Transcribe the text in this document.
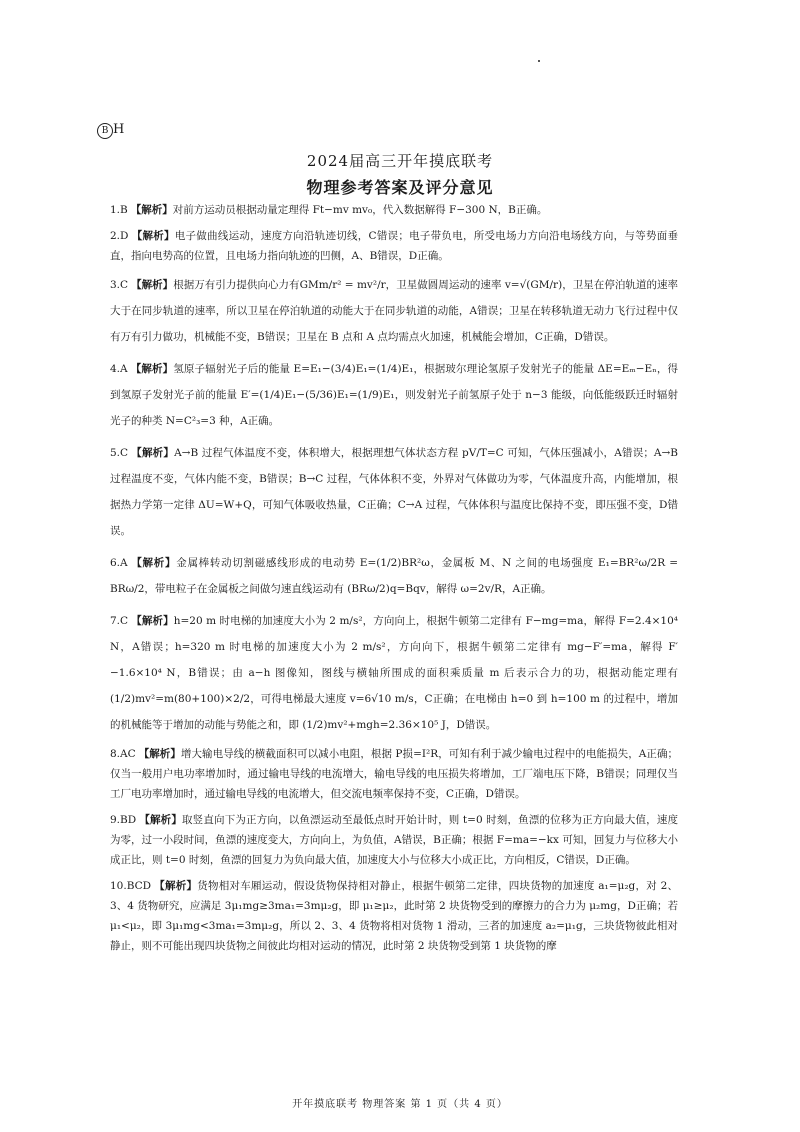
B H
2024届高三开年摸底联考
物理参考答案及评分意见

1.B 【解析】对前方运动员根据动量定理得 Ft−mv mv₀，代入数据解得 F−300 N，B正确。

2.D 【解析】电子做曲线运动，速度方向沿轨迹切线，C错误；电子带负电，所受电场力方向沿电场线方向，与等势面垂直，指向电势高的位置，且电场力指向轨迹的凹侧，A、B错误，D正确。

3.C 【解析】根据万有引力提供向心力有GMm/r² = mv²/r，卫星做圆周运动的速率 v=√(GM/r)，卫星在停泊轨道的速率大于在同步轨道的速率，所以卫星在停泊轨道的动能大于在同步轨道的动能，A错误；卫星在转移轨道无动力飞行过程中仅有万有引力做功，机械能不变，B错误；卫星在 B 点和 A 点均需点火加速，机械能会增加，C正确，D错误。

4.A 【解析】氢原子辐射光子后的能量 E=E₁−(3/4)E₁=(1/4)E₁，根据玻尔理论氢原子发射光子的能量 ΔE=Eₘ−Eₙ，得到氢原子发射光子前的能量 E′=(1/4)E₁−(5/36)E₁=(1/9)E₁，则发射光子前氢原子处于 n−3 能级，向低能级跃迁时辐射光子的种类 N=C²₃=3 种，A正确。

5.C 【解析】A→B 过程气体温度不变，体积增大，根据理想气体状态方程 pV/T=C 可知，气体压强减小，A错误；A→B 过程温度不变，气体内能不变，B错误；B→C 过程，气体体积不变，外界对气体做功为零，气体温度升高，内能增加，根据热力学第一定律 ΔU=W+Q，可知气体吸收热量，C正确；C→A 过程，气体体积与温度比保持不变，即压强不变，D错误。

6.A 【解析】金属棒转动切割磁感线形成的电动势 E=(1/2)BR²ω，金属板 M、N 之间的电场强度 E₁=BR²ω/2R = BRω/2，带电粒子在金属板之间做匀速直线运动有 (BRω/2)q=Bqv，解得 ω=2v/R，A正确。

7.C 【解析】h=20 m 时电梯的加速度大小为 2 m/s²，方向向上，根据牛顿第二定律有 F−mg=ma，解得 F=2.4×10⁴ N，A错误；h=320 m 时电梯的加速度大小为 2 m/s²，方向向下，根据牛顿第二定律有 mg−F′=ma，解得 F′−1.6×10⁴ N，B错误；由 a−h 图像知，图线与横轴所围成的面积乘质量 m 后表示合力的功，根据动能定理有 (1/2)mv²=m(80+100)×2/2，可得电梯最大速度 v=6√10 m/s，C正确；在电梯由 h=0 到 h=100 m 的过程中，增加的机械能等于增加的动能与势能之和，即 (1/2)mv²+mgh=2.36×10⁵ J，D错误。

8.AC 【解析】增大输电导线的横截面积可以减小电阻，根据 P损=I²R，可知有利于减少输电过程中的电能损失，A正确；仅当一般用户电功率增加时，通过输电导线的电流增大，输电导线的电压损失将增加，工厂端电压下降，B错误；同理仅当工厂电功率增加时，通过输电导线的电流增大，但交流电频率保持不变，C正确，D错误。

9.BD 【解析】取竖直向下为正方向，以鱼漂运动至最低点时开始计时，则 t=0 时刻，鱼漂的位移为正方向最大值，速度为零，过一小段时间，鱼漂的速度变大，方向向上，为负值，A错误，B正确；根据 F=ma=−kx 可知，回复力与位移大小成正比，则 t=0 时刻，鱼漂的回复力为负向最大值，加速度大小与位移大小成正比，方向相反，C错误，D正确。

10.BCD 【解析】货物相对车厢运动，假设货物保持相对静止，根据牛顿第二定律，四块货物的加速度 a₁=μ₂g，对 2、3、4 货物研究，应满足 3μ₁mg≥3ma₁=3mμ₂g，即 μ₁≥μ₂，此时第 2 块货物受到的摩擦力的合力为 μ₂mg，D正确；若 μ₁<μ₂，即 3μ₁mg<3ma₁=3mμ₂g，所以 2、3、4 货物将相对货物 1 滑动，三者的加速度 a₂=μ₁g，三块货物彼此相对静止，则不可能出现四块货物之间彼此均相对运动的情况，此时第 2 块货物受到第 1 块货物的摩

开年摸底联考 物理答案 第 1 页（共 4 页）
